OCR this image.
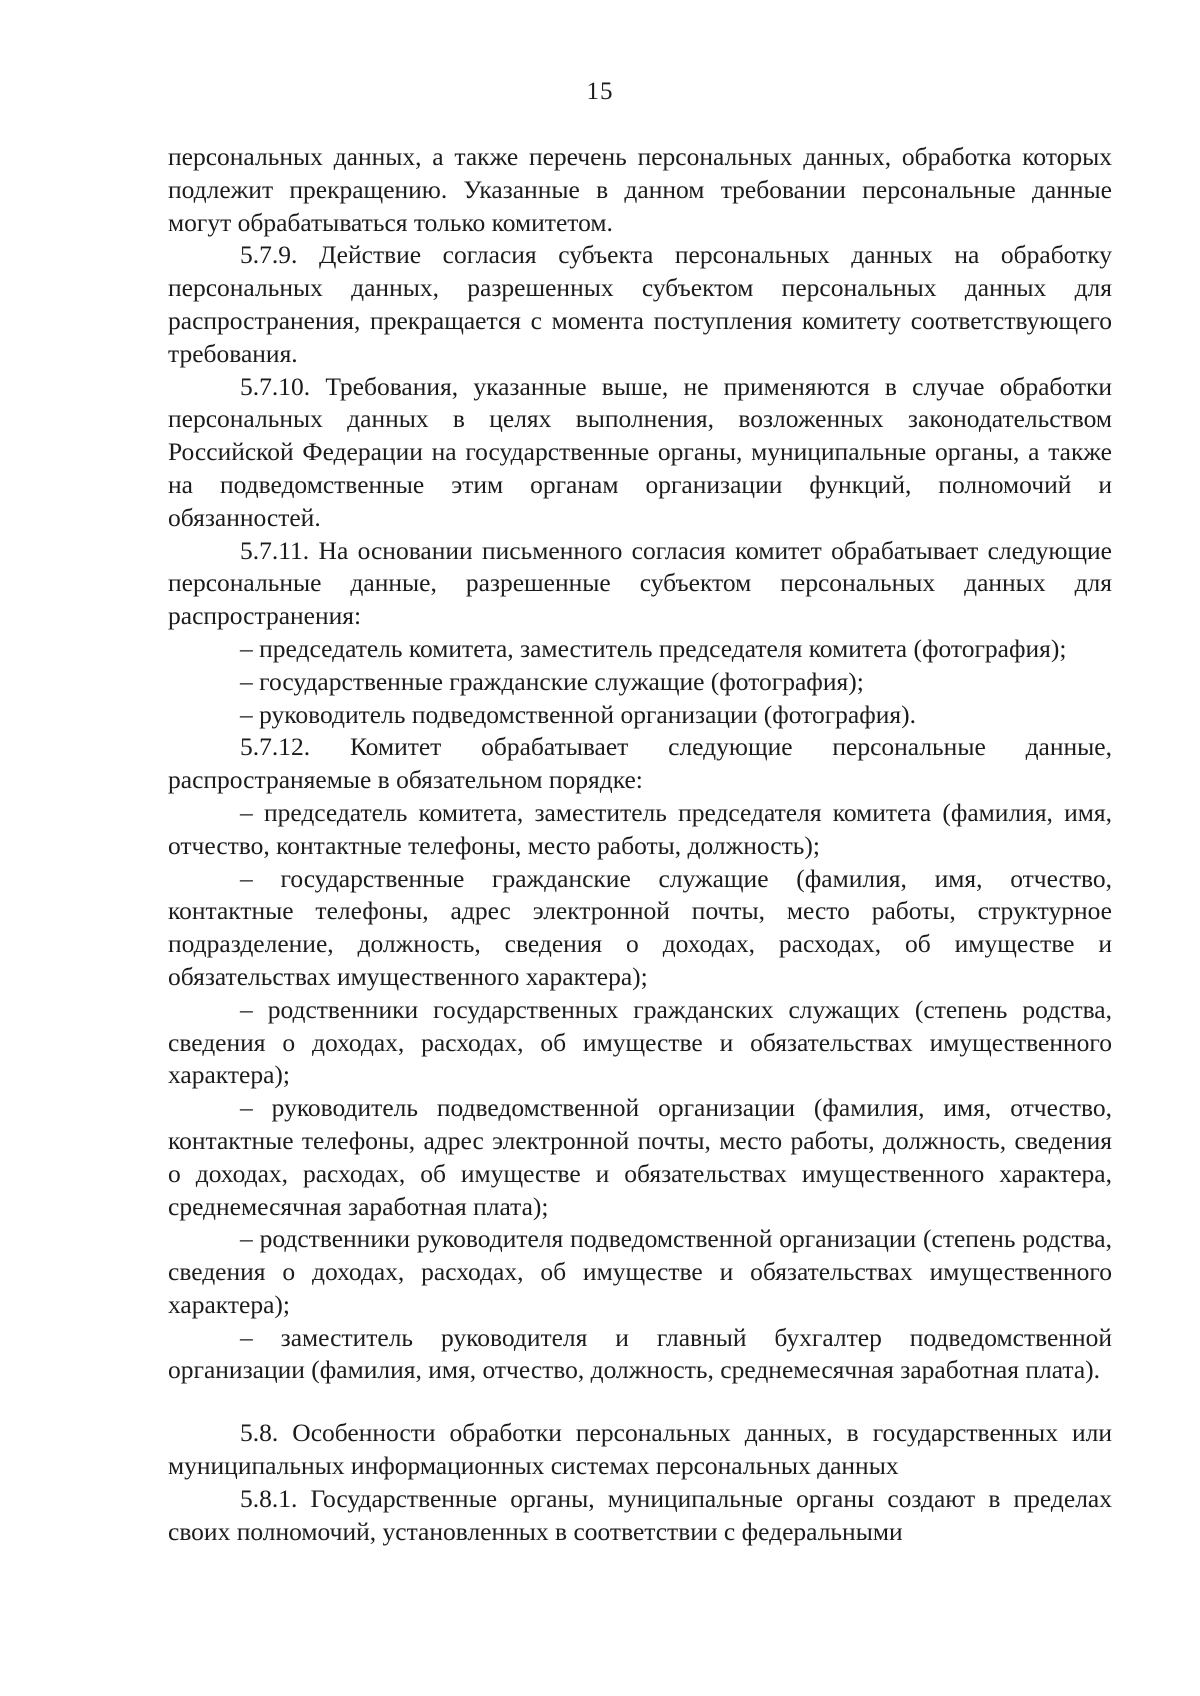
15

персональных данных, а также перечень персональных данных, обработка которых подлежит прекращению. Указанные в данном требовании персональные данные могут обрабатываться только комитетом.

5.7.9. Действие согласия субъекта персональных данных на обработку персональных данных, разрешенных субъектом персональных данных для распространения, прекращается с момента поступления комитету соответствующего требования.

5.7.10. Требования, указанные выше, не применяются в случае обработки персональных данных в целях выполнения, возложенных законодательством Российской Федерации на государственные органы, муниципальные органы, а также на подведомственные этим органам организации функций, полномочий и обязанностей.

5.7.11. На основании письменного согласия комитет обрабатывает следующие персональные данные, разрешенные субъектом персональных данных для распространения:

– председатель комитета, заместитель председателя комитета (фотография);

– государственные гражданские служащие (фотография);

– руководитель подведомственной организации (фотография).

5.7.12. Комитет обрабатывает следующие персональные данные, распространяемые в обязательном порядке:

– председатель комитета, заместитель председателя комитета (фамилия, имя, отчество, контактные телефоны, место работы, должность);

– государственные гражданские служащие (фамилия, имя, отчество, контактные телефоны, адрес электронной почты, место работы, структурное подразделение, должность, сведения о доходах, расходах, об имуществе и обязательствах имущественного характера);

– родственники государственных гражданских служащих (степень родства, сведения о доходах, расходах, об имуществе и обязательствах имущественного характера);

– руководитель подведомственной организации (фамилия, имя, отчество, контактные телефоны, адрес электронной почты, место работы, должность, сведения о доходах, расходах, об имуществе и обязательствах имущественного характера, среднемесячная заработная плата);

– родственники руководителя подведомственной организации (степень родства, сведения о доходах, расходах, об имуществе и обязательствах имущественного характера);

– заместитель руководителя и главный бухгалтер подведомственной организации (фамилия, имя, отчество, должность, среднемесячная заработная плата).

5.8. Особенности обработки персональных данных, в государственных или муниципальных информационных системах персональных данных

5.8.1. Государственные органы, муниципальные органы создают в пределах своих полномочий, установленных в соответствии с федеральными
